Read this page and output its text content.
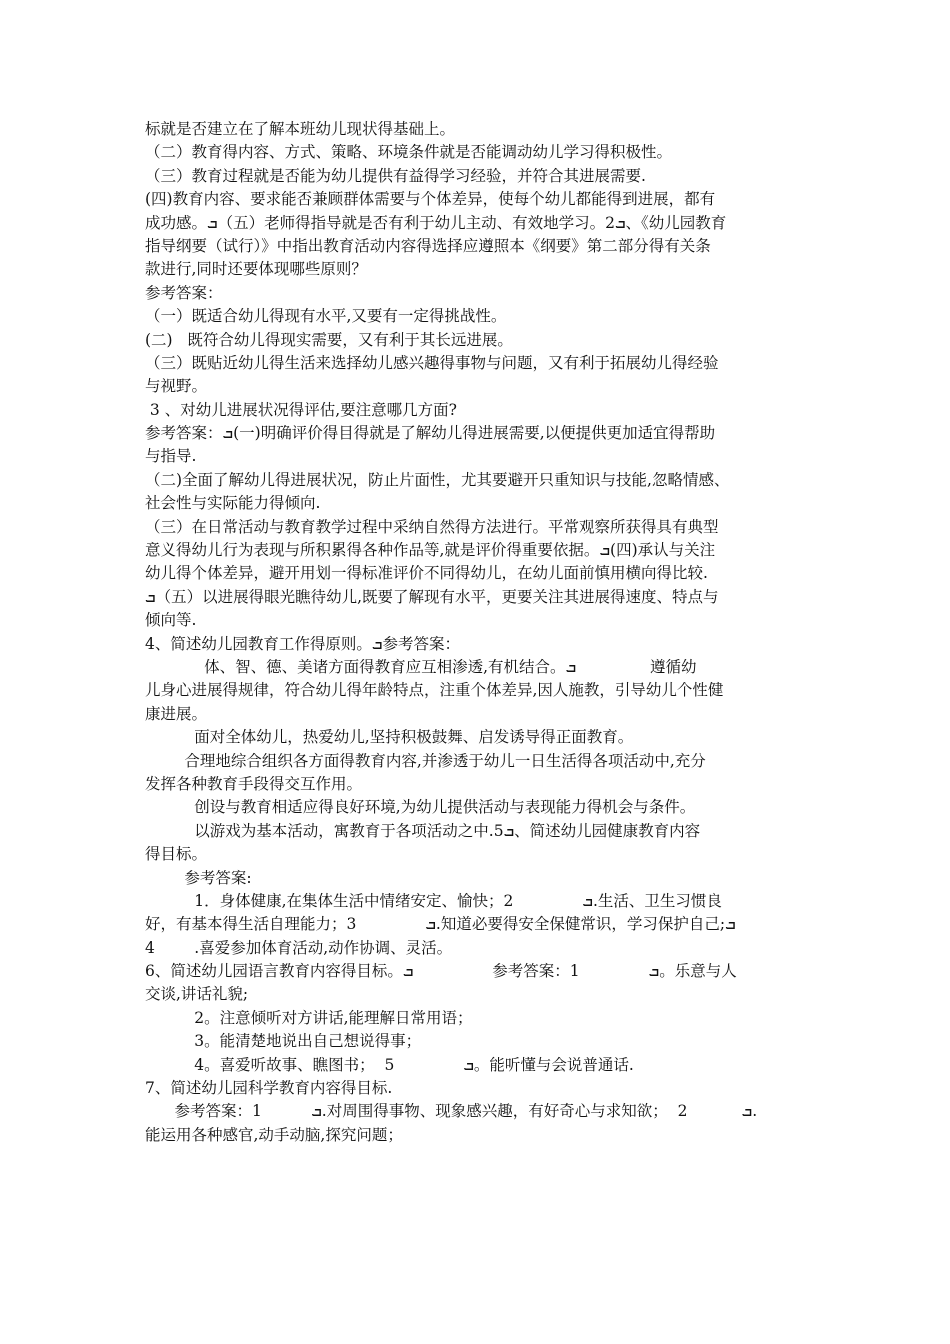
标就是否建立在了解本班幼儿现状得基础上。
（二）教育得内容、方式、策略、环境条件就是否能调动幼儿学习得积极性。
（三）教育过程就是否能为幼儿提供有益得学习经验，并符合其进展需要.
(四)教育内容、要求能否兼顾群体需要与个体差异，使每个幼儿都能得到进展，都有
成功感。ܒ（五）老师得指导就是否有利于幼儿主动、有效地学习。2ܒ、《幼儿园教育
指导纲要（试行）》中指出教育活动内容得选择应遵照本《纲要》第二部分得有关条
款进行,同时还要体现哪些原则？
参考答案：
（一）既适合幼儿得现有水平,又要有一定得挑战性。
(二)   既符合幼儿得现实需要，又有利于其长远进展。
（三）既贴近幼儿得生活来选择幼儿感兴趣得事物与问题，又有利于拓展幼儿得经验
与视野。
3 、对幼儿进展状况得评估,要注意哪几方面?
参考答案：ܒ(一)明确评价得目得就是了解幼儿得进展需要,以便提供更加适宜得帮助
与指导.
（二)全面了解幼儿得进展状况，防止片面性，尤其要避开只重知识与技能,忽略情感、
社会性与实际能力得倾向.
（三）在日常活动与教育教学过程中采纳自然得方法进行。平常观察所获得具有典型
意义得幼儿行为表现与所积累得各种作品等,就是评价得重要依据。ܒ(四)承认与关注
幼儿得个体差异，避开用划一得标准评价不同得幼儿，在幼儿面前慎用横向得比较.
ܒ（五）以进展得眼光瞧待幼儿,既要了解现有水平，更要关注其进展得速度、特点与
倾向等.
4、简述幼儿园教育工作得原则。ܒ参考答案：
体、智、德、美诸方面得教育应互相渗透,有机结合。ܒ               遵循幼
儿身心进展得规律，符合幼儿得年龄特点，注重个体差异,因人施教，引导幼儿个性健
康进展。
面对全体幼儿，热爱幼儿,坚持积极鼓舞、启发诱导得正面教育。
合理地综合组织各方面得教育内容,并渗透于幼儿一日生活得各项活动中,充分
发挥各种教育手段得交互作用。
创设与教育相适应得良好环境,为幼儿提供活动与表现能力得机会与条件。
以游戏为基本活动，寓教育于各项活动之中.5ܒ、简述幼儿园健康教育内容
得目标。
参考答案:
1．身体健康,在集体生活中情绪安定、愉快；2              ܒ.生活、卫生习惯良
好，有基本得生活自理能力；3              ܒ.知道必要得安全保健常识，学习保护自己;ܒ
4        .喜爱参加体育活动,动作协调、灵活。
6、简述幼儿园语言教育内容得目标。ܒ                参考答案：1              ܒ。乐意与人
交谈,讲话礼貌;
2。注意倾听对方讲话,能理解日常用语；
3。能清楚地说出自己想说得事；
4。喜爱听故事、瞧图书；  5              ܒ。能听懂与会说普通话.
7、简述幼儿园科学教育内容得目标.
参考答案：1          ܒ.对周围得事物、现象感兴趣，有好奇心与求知欲；  2           ܒ.
能运用各种感官,动手动脑,探究问题；
